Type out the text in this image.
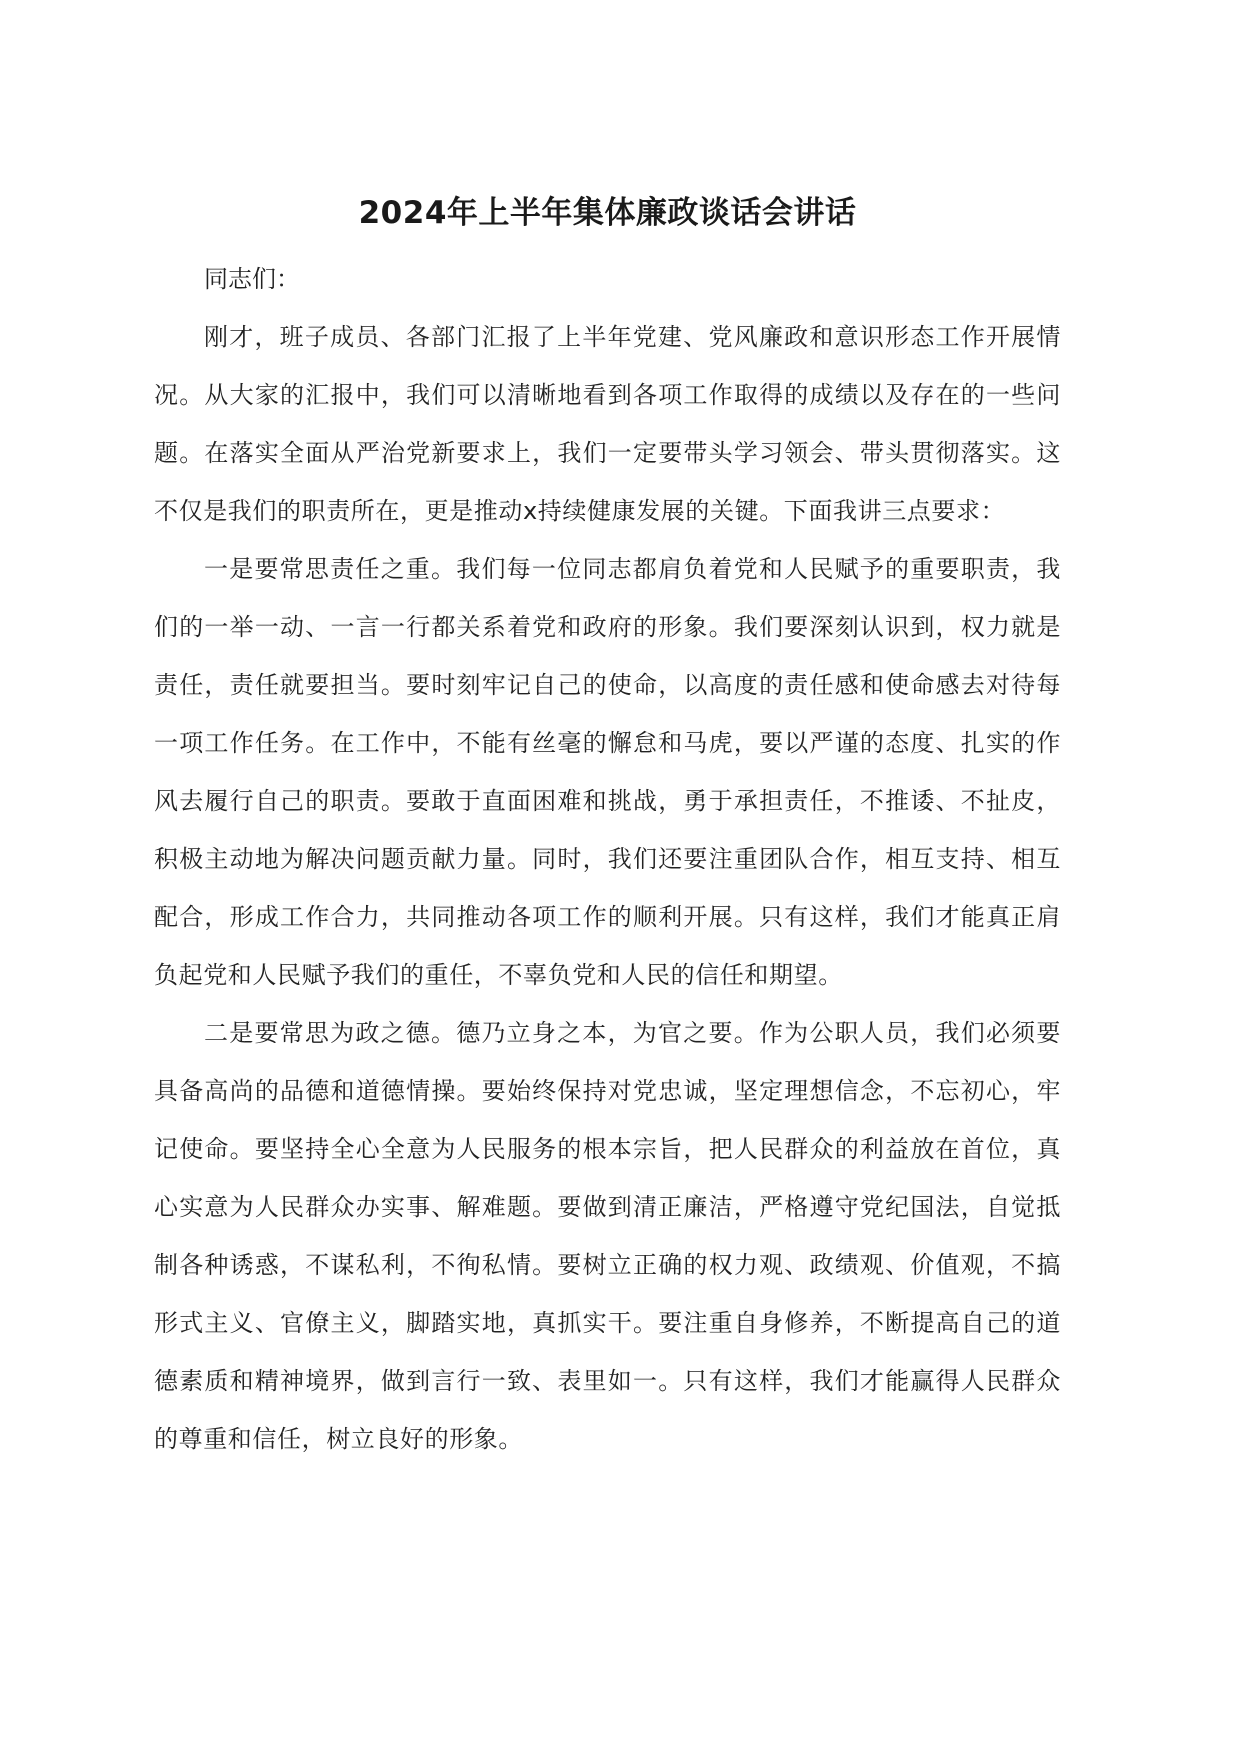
2024年上半年集体廉政谈话会讲话

同志们：

刚才，班子成员、各部门汇报了上半年党建、党风廉政和意识形态工作开展情况。从大家的汇报中，我们可以清晰地看到各项工作取得的成绩以及存在的一些问题。在落实全面从严治党新要求上，我们一定要带头学习领会、带头贯彻落实。这不仅是我们的职责所在，更是推动x持续健康发展的关键。下面我讲三点要求：

一是要常思责任之重。我们每一位同志都肩负着党和人民赋予的重要职责，我们的一举一动、一言一行都关系着党和政府的形象。我们要深刻认识到，权力就是责任，责任就要担当。要时刻牢记自己的使命，以高度的责任感和使命感去对待每一项工作任务。在工作中，不能有丝毫的懈怠和马虎，要以严谨的态度、扎实的作风去履行自己的职责。要敢于直面困难和挑战，勇于承担责任，不推诿、不扯皮，积极主动地为解决问题贡献力量。同时，我们还要注重团队合作，相互支持、相互配合，形成工作合力，共同推动各项工作的顺利开展。只有这样，我们才能真正肩负起党和人民赋予我们的重任，不辜负党和人民的信任和期望。

二是要常思为政之德。德乃立身之本，为官之要。作为公职人员，我们必须要具备高尚的品德和道德情操。要始终保持对党忠诚，坚定理想信念，不忘初心，牢记使命。要坚持全心全意为人民服务的根本宗旨，把人民群众的利益放在首位，真心实意为人民群众办实事、解难题。要做到清正廉洁，严格遵守党纪国法，自觉抵制各种诱惑，不谋私利，不徇私情。要树立正确的权力观、政绩观、价值观，不搞形式主义、官僚主义，脚踏实地，真抓实干。要注重自身修养，不断提高自己的道德素质和精神境界，做到言行一致、表里如一。只有这样，我们才能赢得人民群众的尊重和信任，树立良好的形象。
